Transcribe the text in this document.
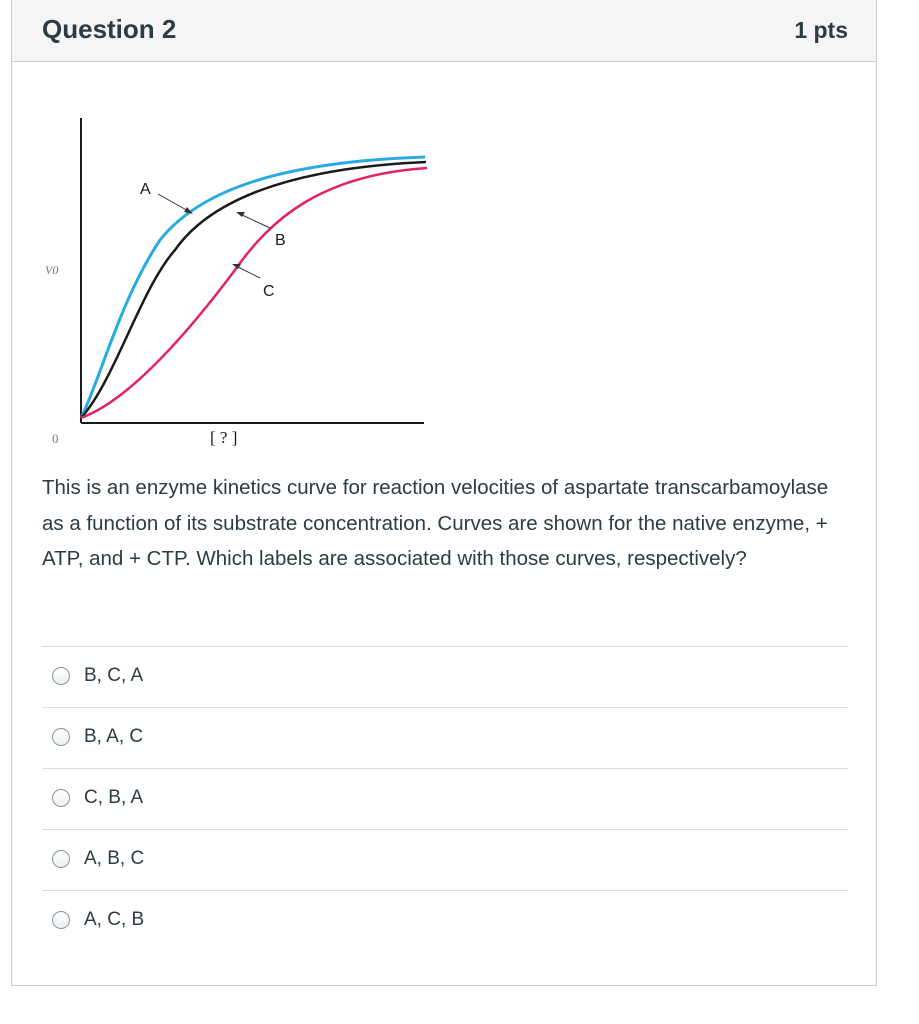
Question 2	1 pts
A
B
C
V0
0	[ ? ]

This is an enzyme kinetics curve for reaction velocities of aspartate transcarbamoylase as a function of its substrate concentration. Curves are shown for the native enzyme, + ATP, and + CTP. Which labels are associated with those curves, respectively?

B, C, A
B, A, C
C, B, A
A, B, C
A, C, B
